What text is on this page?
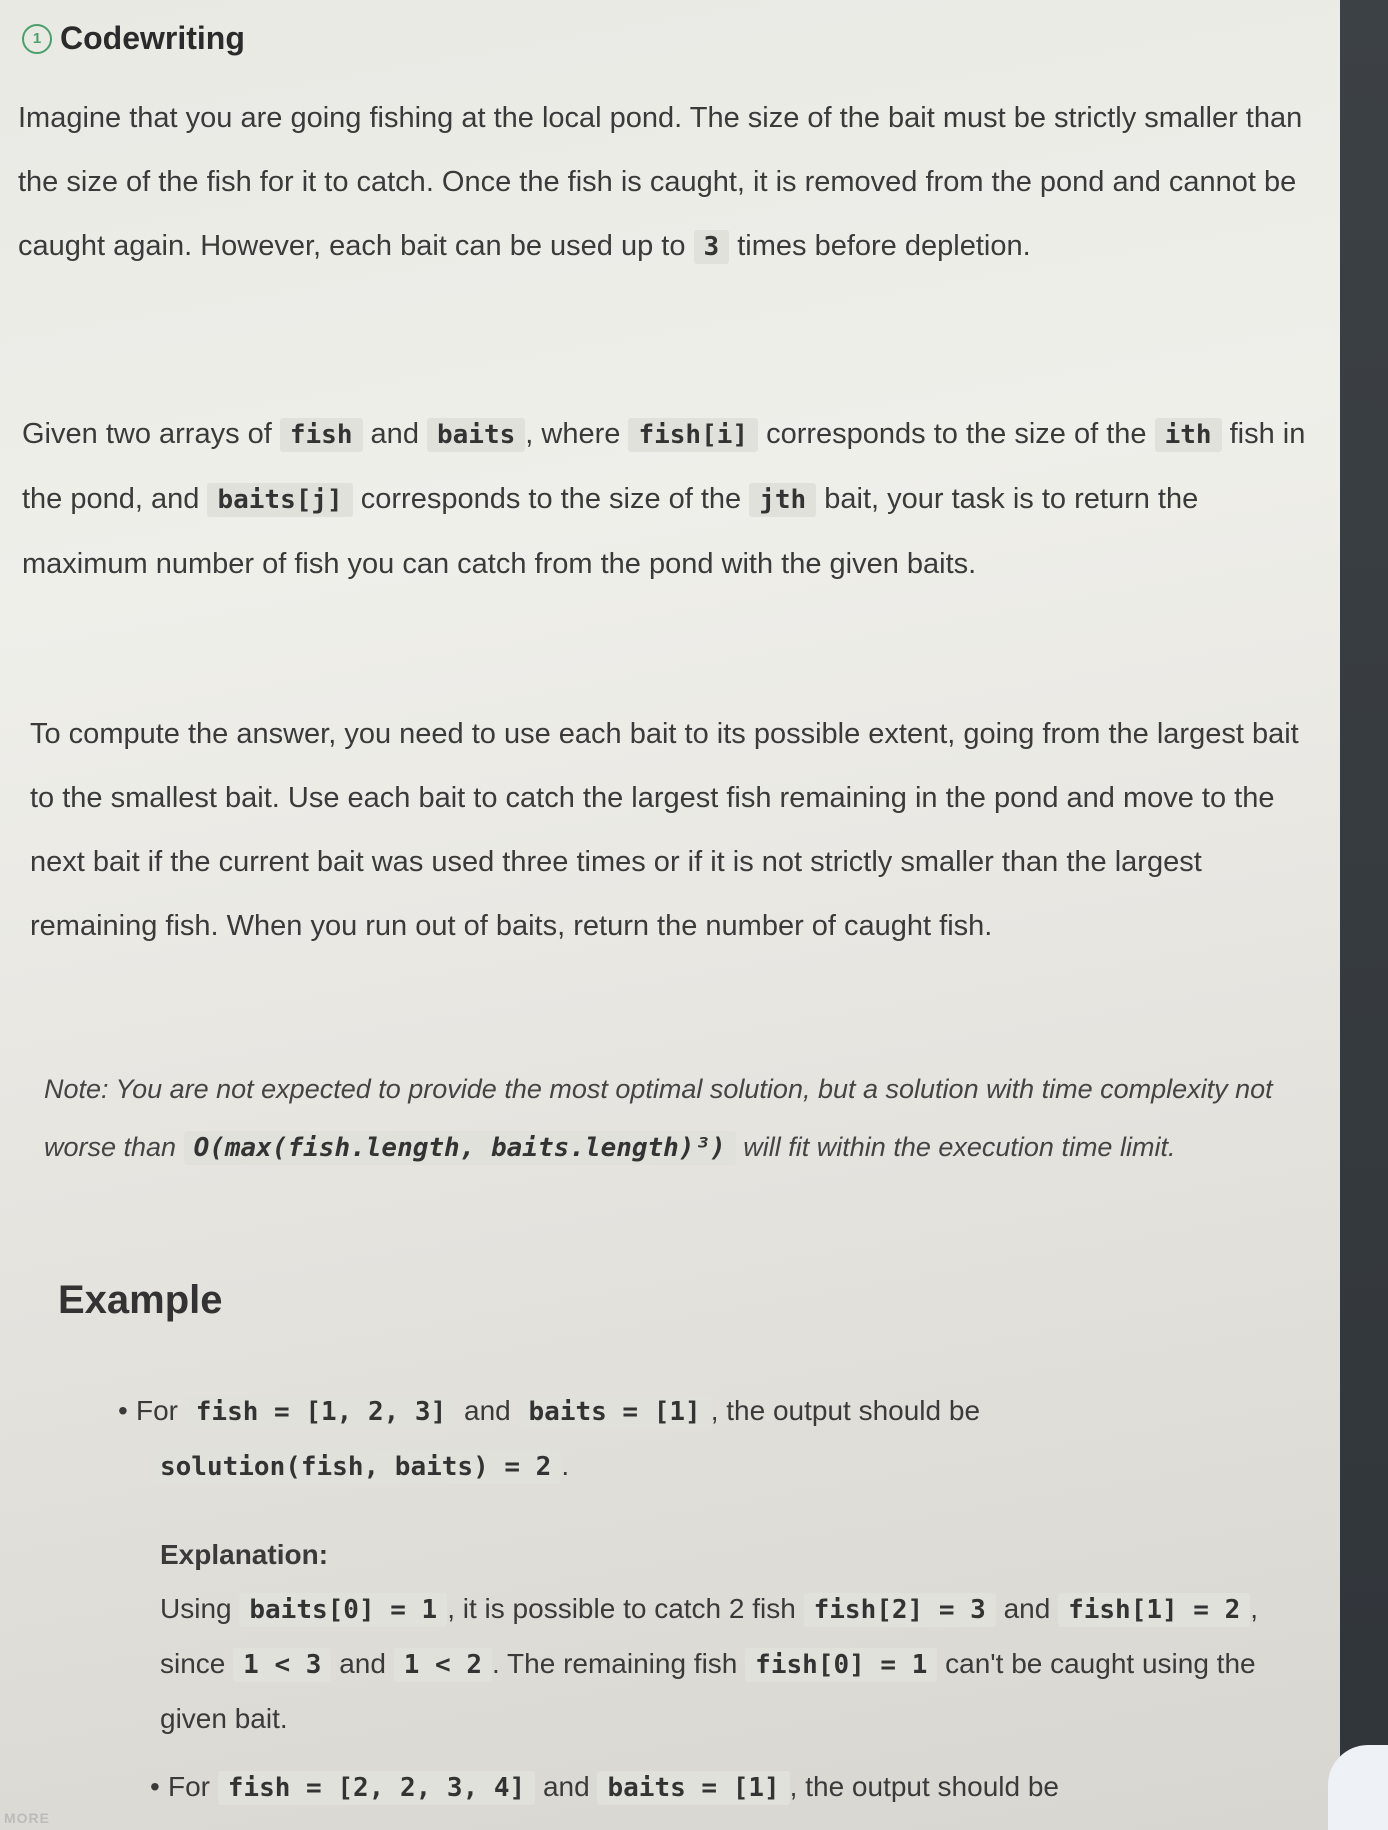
1 Codewriting
Imagine that you are going fishing at the local pond. The size of the bait must be strictly smaller than the size of the fish for it to catch. Once the fish is caught, it is removed from the pond and cannot be caught again. However, each bait can be used up to 3 times before depletion.
Given two arrays of fish and baits , where fish[i] corresponds to the size of the ith fish in the pond, and baits[j] corresponds to the size of the jth bait, your task is to return the maximum number of fish you can catch from the pond with the given baits.
To compute the answer, you need to use each bait to its possible extent, going from the largest bait to the smallest bait. Use each bait to catch the largest fish remaining in the pond and move to the next bait if the current bait was used three times or if it is not strictly smaller than the largest remaining fish. When you run out of baits, return the number of caught fish.
Note: You are not expected to provide the most optimal solution, but a solution with time complexity not worse than O(max(fish.length, baits.length)³) will fit within the execution time limit.
Example
• For fish = [1, 2, 3] and baits = [1] , the output should be
solution(fish, baits) = 2 .
Explanation:
Using baits[0] = 1 , it is possible to catch 2 fish fish[2] = 3 and fish[1] = 2 , since 1 < 3 and 1 < 2 . The remaining fish fish[0] = 1 can't be caught using the given bait.
• For fish = [2, 2, 3, 4] and baits = [1] , the output should be
MORE
